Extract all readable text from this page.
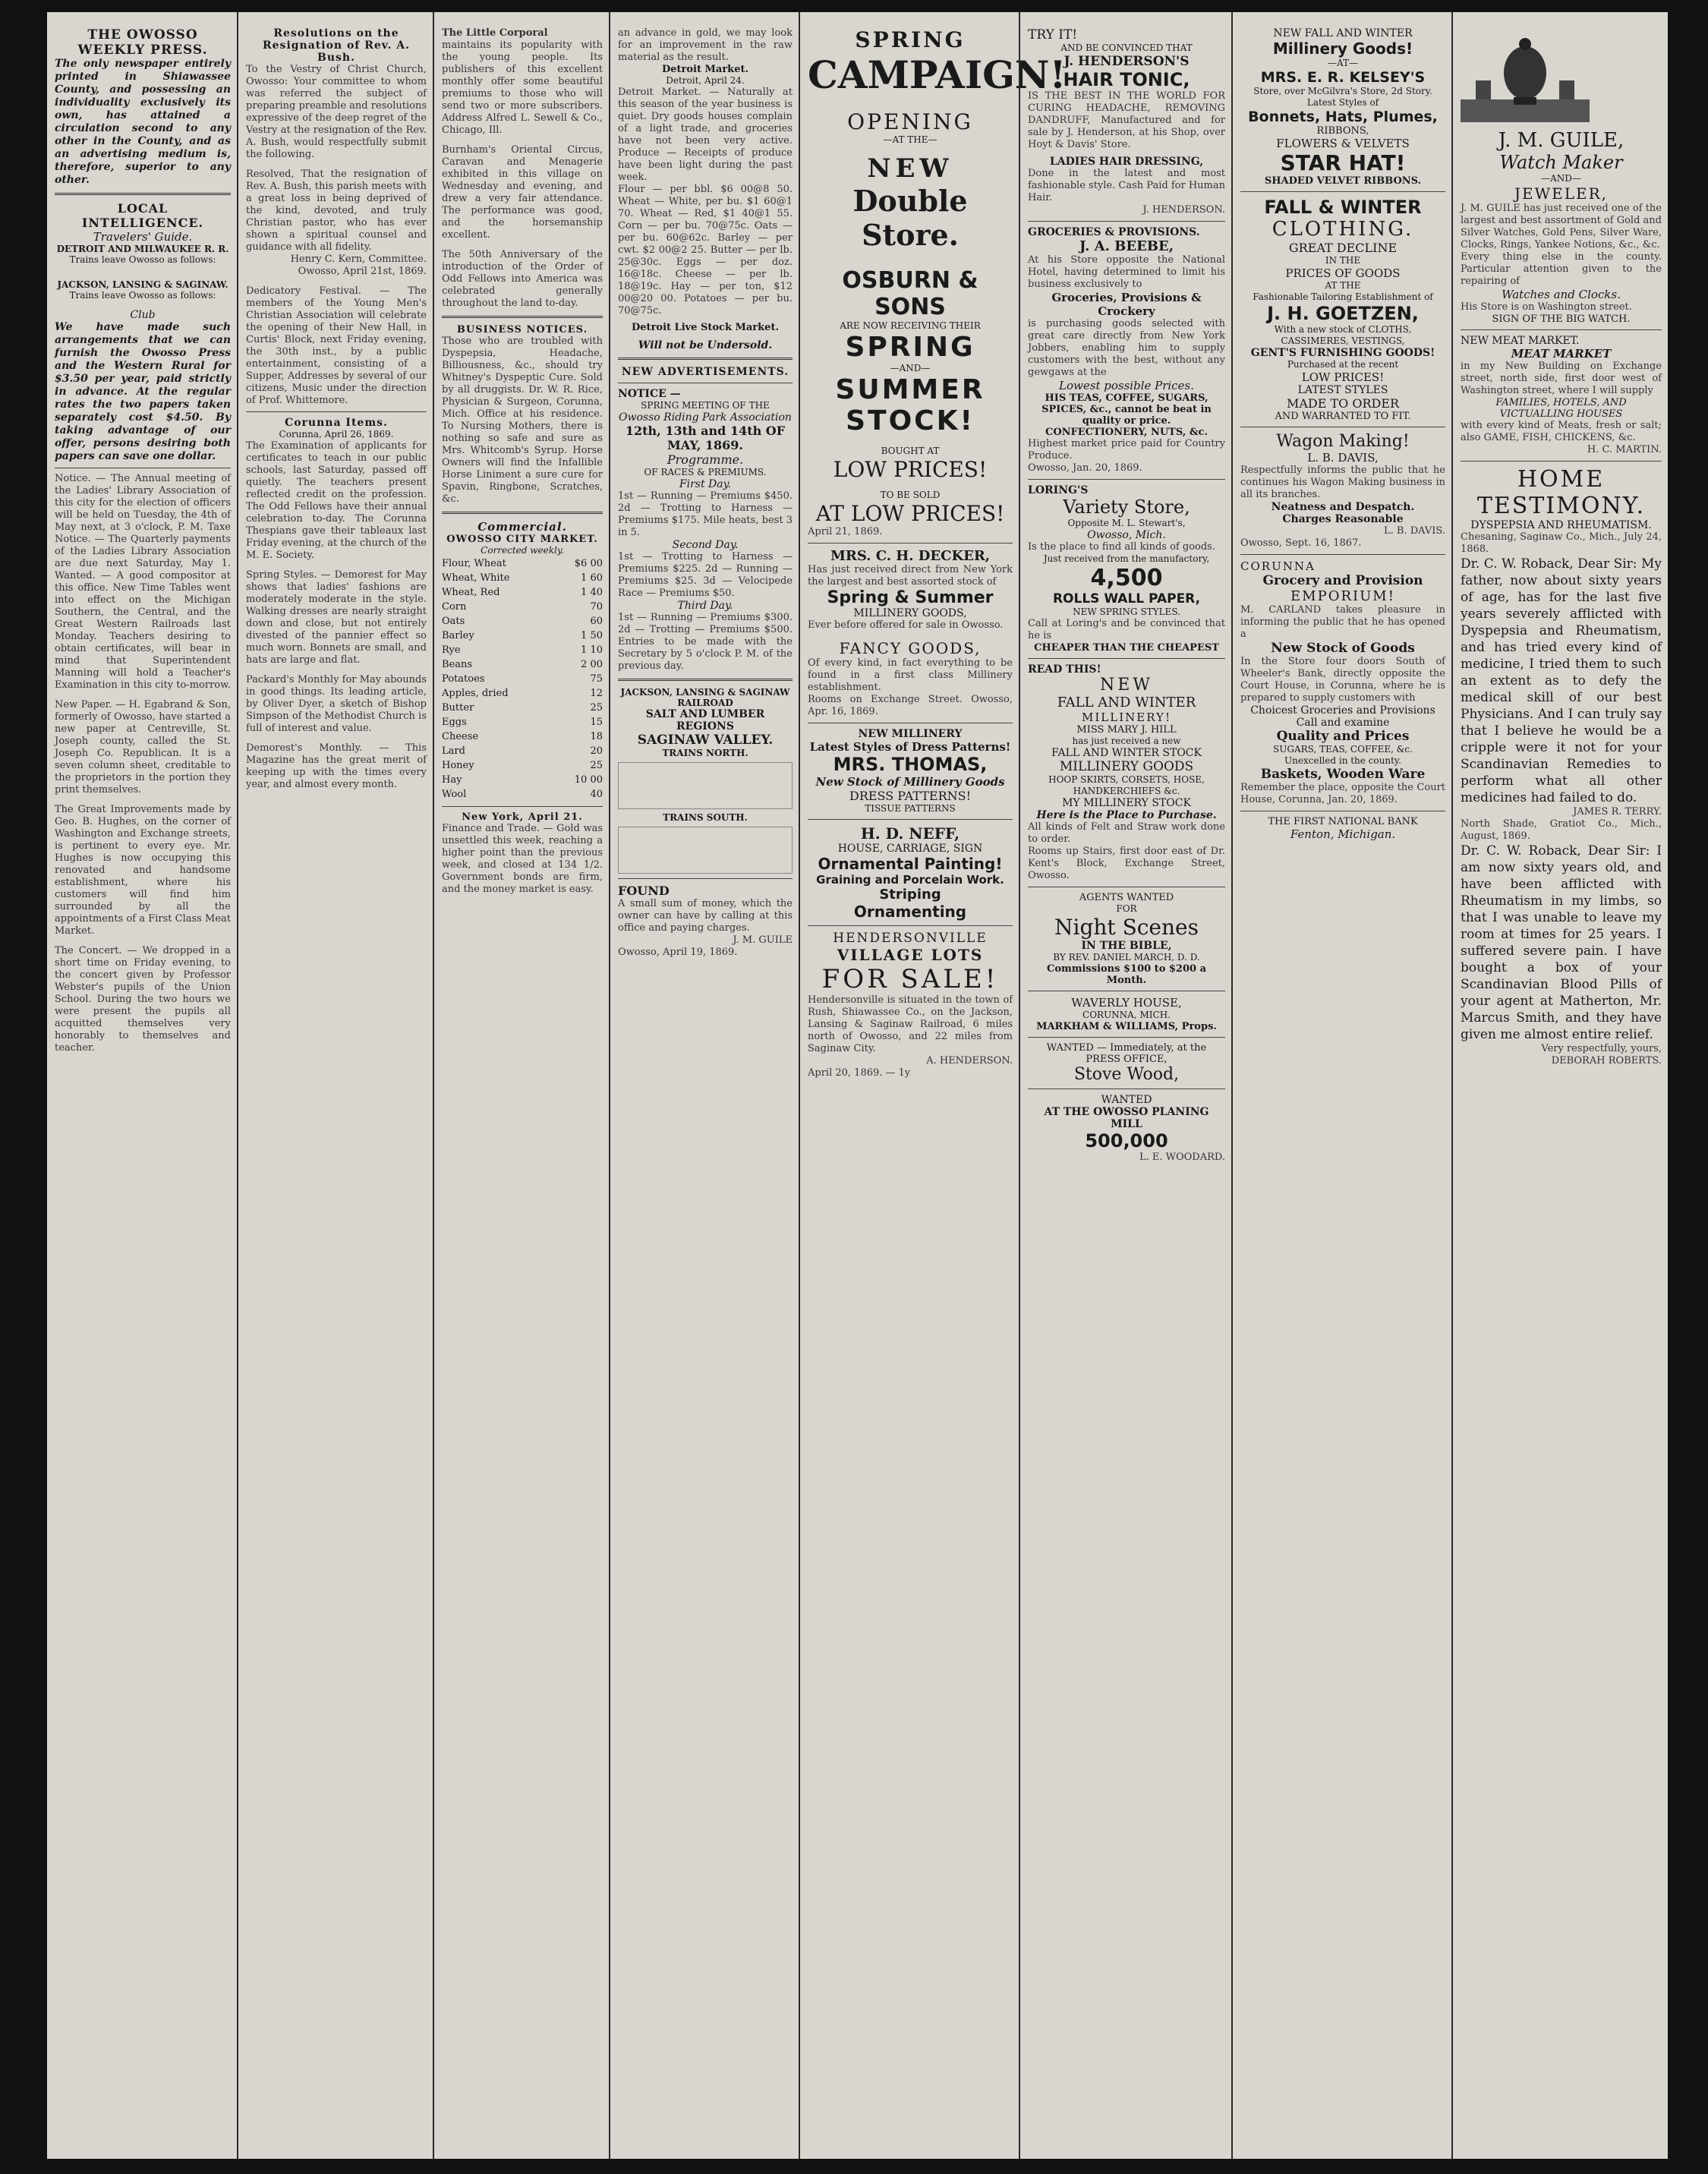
THE OWOSSO WEEKLY PRESS.
The only newspaper entirely printed in Shiawassee County, and possessing an individuality exclusively its own, has attained a circulation second to any other in the County, and as an advertising medium is, therefore, superior to any other.
LOCAL INTELLIGENCE.
Travelers' Guide.
DETROIT AND MILWAUKEE R. R.
Trains leave Owosso as follows:
JACKSON, LANSING & SAGINAW.
Trains leave Owosso as follows:
Club
We have made such arrangements that we can furnish the Owosso Press and the Western Rural for $3.50 per year, paid strictly in advance. At the regular rates the two papers taken separately cost $4.50. By taking advantage of our offer, persons desiring both papers can save one dollar.
Notice. — The Annual meeting of the Ladies' Library Association of this city for the election of officers will be held on Tuesday, the 4th of May next, at 3 o'clock, P. M. Taxe Notice. — The Quarterly payments of the Ladies Library Association are due next Saturday, May 1. Wanted. — A good compositor at this office. New Time Tables went into effect on the Michigan Southern, the Central, and the Great Western Railroads last Monday. Teachers desiring to obtain certificates, will bear in mind that Superintendent Manning will hold a Teacher's Examination in this city to-morrow.
New Paper. — H. Egabrand & Son, formerly of Owosso, have started a new paper at Centreville, St. Joseph county, called the St. Joseph Co. Republican. It is a seven column sheet, creditable to the proprietors in the portion they print themselves.
The Great Improvements made by Geo. B. Hughes, on the corner of Washington and Exchange streets, is pertinent to every eye. Mr. Hughes is now occupying this renovated and handsome establishment, where his customers will find him surrounded by all the appointments of a First Class Meat Market.
The Concert. — We dropped in a short time on Friday evening, to the concert given by Professor Webster's pupils of the Union School. During the two hours we were present the pupils all acquitted themselves very honorably to themselves and teacher.
Resolutions on the Resignation of Rev. A. Bush.
To the Vestry of Christ Church, Owosso: Your committee to whom was referred the subject of preparing preamble and resolutions expressive of the deep regret of the Vestry at the resignation of the Rev. A. Bush, would respectfully submit the following.
Resolved, That the resignation of Rev. A. Bush, this parish meets with a great loss in being deprived of the kind, devoted, and truly Christian pastor, who has ever shown a spiritual counsel and guidance with all fidelity.
Henry C. Kern, Committee. Owosso, April 21st, 1869.
Dedicatory Festival. — The members of the Young Men's Christian Association will celebrate the opening of their New Hall, in Curtis' Block, next Friday evening, the 30th inst., by a public entertainment, consisting of a Supper, Addresses by several of our citizens, Music under the direction of Prof. Whittemore.
Corunna Items.
Corunna, April 26, 1869.
The Examination of applicants for certificates to teach in our public schools, last Saturday, passed off quietly. The teachers present reflected credit on the profession. The Odd Fellows have their annual celebration to-day. The Corunna Thespians gave their tableaux last Friday evening, at the church of the M. E. Society.
Spring Styles. — Demorest for May shows that ladies' fashions are moderately moderate in the style. Walking dresses are nearly straight down and close, but not entirely divested of the pannier effect so much worn. Bonnets are small, and hats are large and flat.
Packard's Monthly for May abounds in good things. Its leading article, by Oliver Dyer, a sketch of Bishop Simpson of the Methodist Church is full of interest and value.
Demorest's Monthly. — This Magazine has the great merit of keeping up with the times every year, and almost every month.
The Little Corporal
maintains its popularity with the young people. Its publishers of this excellent monthly offer some beautiful premiums to those who will send two or more subscribers. Address Alfred L. Sewell & Co., Chicago, Ill.
Burnham's Oriental Circus, Caravan and Menagerie exhibited in this village on Wednesday and evening, and drew a very fair attendance. The performance was good, and the horsemanship excellent.
The 50th Anniversary of the introduction of the Order of Odd Fellows into America was celebrated generally throughout the land to-day.
BUSINESS NOTICES.
Those who are troubled with Dyspepsia, Headache, Billiousness, &c., should try Whitney's Dyspeptic Cure. Sold by all druggists. Dr. W. R. Rice, Physician & Surgeon, Corunna, Mich. Office at his residence. To Nursing Mothers, there is nothing so safe and sure as Mrs. Whitcomb's Syrup. Horse Owners will find the Infallible Horse Liniment a sure cure for Spavin, Ringbone, Scratches, &c.
Commercial.
OWOSSO CITY MARKET.
Corrected weekly.
Flour, Wheat	$6 00
Wheat, White	1 60
Wheat, Red	1 40
Corn	70
Oats	60
Barley	1 50
Rye	1 10
Beans	2 00
Potatoes	75
Apples, dried	12
Butter	25
Eggs	15
Cheese	18
Lard	20
Honey	25
Hay	10 00
Wool	40
New York, April 21.
Finance and Trade. — Gold was unsettled this week, reaching a higher point than the previous week, and closed at 134 1/2. Government bonds are firm, and the money market is easy.
an advance in gold, we may look for an improvement in the raw material as the result.
Detroit Market.
Detroit, April 24.
Detroit Market. — Naturally at this season of the year business is quiet. Dry goods houses complain of a light trade, and groceries have not been very active. Produce — Receipts of produce have been light during the past week.
Flour — per bbl. $6 00@8 50. Wheat — White, per bu. $1 60@1 70. Wheat — Red, $1 40@1 55. Corn — per bu. 70@75c. Oats — per bu. 60@62c. Barley — per cwt. $2 00@2 25. Butter — per lb. 25@30c. Eggs — per doz. 16@18c. Cheese — per lb. 18@19c. Hay — per ton, $12 00@20 00. Potatoes — per bu. 70@75c.
Detroit Live Stock Market.
Will not be Undersold.
NEW ADVERTISEMENTS.
NOTICE —
SPRING MEETING OF THE
Owosso Riding Park Association
12th, 13th and 14th OF MAY, 1869.
Programme.
OF RACES & PREMIUMS.
First Day.
1st — Running — Premiums $450. 2d — Trotting to Harness — Premiums $175. Mile heats, best 3 in 5.
Second Day.
1st — Trotting to Harness — Premiums $225. 2d — Running — Premiums $25. 3d — Velocipede Race — Premiums $50.
Third Day.
1st — Running — Premiums $300. 2d — Trotting — Premiums $500. Entries to be made with the Secretary by 5 o'clock P. M. of the previous day.
JACKSON, LANSING & SAGINAW RAILROAD
SALT AND LUMBER REGIONS
SAGINAW VALLEY.
TRAINS NORTH.
TRAINS SOUTH.
FOUND
A small sum of money, which the owner can have by calling at this office and paying charges.
J. M. GUILE
Owosso, April 19, 1869.
SPRING
CAMPAIGN!
OPENING
—AT THE—
NEW
Double Store.
OSBURN & SONS
ARE NOW RECEIVING THEIR
SPRING
—AND—
SUMMER
STOCK!
BOUGHT AT
LOW PRICES!
TO BE SOLD
AT LOW PRICES!
April 21, 1869.
MRS. C. H. DECKER,
Has just received direct from New York the largest and best assorted stock of
Spring & Summer
MILLINERY GOODS,
Ever before offered for sale in Owosso.
FANCY GOODS,
Of every kind, in fact everything to be found in a first class Millinery establishment.
Rooms on Exchange Street. Owosso, Apr. 16, 1869.
NEW MILLINERY
Latest Styles of Dress Patterns!
MRS. THOMAS,
New Stock of Millinery Goods
DRESS PATTERNS!
TISSUE PATTERNS
H. D. NEFF,
HOUSE, CARRIAGE, SIGN
Ornamental Painting!
Graining and Porcelain Work.
Striping
Ornamenting
HENDERSONVILLE
VILLAGE LOTS
FOR SALE!
Hendersonville is situated in the town of Rush, Shiawassee Co., on the Jackson, Lansing & Saginaw Railroad, 6 miles north of Owosso, and 22 miles from Saginaw City.
A. HENDERSON.
April 20, 1869. — 1y
TRY IT!
AND BE CONVINCED THAT
J. HENDERSON'S
HAIR TONIC,
IS THE BEST IN THE WORLD FOR CURING HEADACHE, REMOVING DANDRUFF, Manufactured and for sale by J. Henderson, at his Shop, over Hoyt & Davis' Store.
LADIES HAIR DRESSING,
Done in the latest and most fashionable style. Cash Paid for Human Hair.
J. HENDERSON.
GROCERIES & PROVISIONS.
J. A. BEEBE,
At his Store opposite the National Hotel, having determined to limit his business exclusively to
Groceries, Provisions & Crockery
is purchasing goods selected with great care directly from New York Jobbers, enabling him to supply customers with the best, without any gewgaws at the
Lowest possible Prices.
HIS TEAS, COFFEE, SUGARS, SPICES, &c., cannot be beat in quality or price.
CONFECTIONERY, NUTS, &c.
Highest market price paid for Country Produce.
Owosso, Jan. 20, 1869.
LORING'S
Variety Store,
Opposite M. L. Stewart's,
Owosso, Mich.
Is the place to find all kinds of goods.
Just received from the manufactory,
4,500
ROLLS WALL PAPER,
NEW SPRING STYLES.
Call at Loring's and be convinced that he is
CHEAPER THAN THE CHEAPEST
READ THIS!
NEW
FALL AND WINTER
MILLINERY!
MISS MARY J. HILL
has just received a new
FALL AND WINTER STOCK
MILLINERY GOODS
HOOP SKIRTS, CORSETS, HOSE, HANDKERCHIEFS &c.
MY MILLINERY STOCK
Here is the Place to Purchase.
All kinds of Felt and Straw work done to order.
Rooms up Stairs, first door east of Dr. Kent's Block, Exchange Street, Owosso.
AGENTS WANTED
FOR
Night Scenes
IN THE BIBLE,
BY REV. DANIEL MARCH, D. D.
Commissions $100 to $200 a Month.
WAVERLY HOUSE,
CORUNNA, MICH.
MARKHAM & WILLIAMS, Props.
WANTED — Immediately, at the PRESS OFFICE,
Stove Wood,
WANTED
AT THE OWOSSO PLANING MILL
500,000
L. E. WOODARD.
NEW FALL AND WINTER
Millinery Goods!
—AT—
MRS. E. R. KELSEY'S
Store, over McGilvra's Store, 2d Story.
Latest Styles of
Bonnets, Hats, Plumes,
RIBBONS,
FLOWERS & VELVETS
STAR HAT!
SHADED VELVET RIBBONS.
FALL & WINTER
CLOTHING.
GREAT DECLINE
IN THE
PRICES OF GOODS
AT THE
Fashionable Tailoring Establishment of
J. H. GOETZEN,
With a new stock of CLOTHS, CASSIMERES, VESTINGS,
GENT'S FURNISHING GOODS!
Purchased at the recent
LOW PRICES!
LATEST STYLES
MADE TO ORDER
AND WARRANTED TO FIT.
Wagon Making!
L. B. DAVIS,
Respectfully informs the public that he continues his Wagon Making business in all its branches.
Neatness and Despatch.
Charges Reasonable
L. B. DAVIS.
Owosso, Sept. 16, 1867.
CORUNNA
Grocery and Provision
EMPORIUM!
M. CARLAND takes pleasure in informing the public that he has opened a
New Stock of Goods
In the Store four doors South of Wheeler's Bank, directly opposite the Court House, in Corunna, where he is prepared to supply customers with
Choicest Groceries and Provisions
Call and examine
Quality and Prices
SUGARS, TEAS, COFFEE, &c.
Unexcelled in the county.
Baskets, Wooden Ware
Remember the place, opposite the Court House, Corunna, Jan. 20, 1869.
THE FIRST NATIONAL BANK
Fenton, Michigan.
J. M. GUILE,
Watch Maker
—AND—
JEWELER,
J. M. GUILE has just received one of the largest and best assortment of Gold and Silver Watches, Gold Pens, Silver Ware, Clocks, Rings, Yankee Notions, &c., &c.
Every thing else in the county. Particular attention given to the repairing of
Watches and Clocks.
His Store is on Washington street.
SIGN OF THE BIG WATCH.
NEW MEAT MARKET.
MEAT MARKET
in my New Building on Exchange street, north side, first door west of Washington street, where I will supply
FAMILIES, HOTELS, AND VICTUALLING HOUSES
with every kind of Meats, fresh or salt; also GAME, FISH, CHICKENS, &c.
H. C. MARTIN.
HOME
TESTIMONY.
DYSPEPSIA AND RHEUMATISM.
Chesaning, Saginaw Co., Mich., July 24, 1868.
Dr. C. W. Roback, Dear Sir: My father, now about sixty years of age, has for the last five years severely afflicted with Dyspepsia and Rheumatism, and has tried every kind of medicine, I tried them to such an extent as to defy the medical skill of our best Physicians. And I can truly say that I believe he would be a cripple were it not for your Scandinavian Remedies to perform what all other medicines had failed to do.
JAMES R. TERRY.
North Shade, Gratiot Co., Mich., August, 1869.
Dr. C. W. Roback, Dear Sir: I am now sixty years old, and have been afflicted with Rheumatism in my limbs, so that I was unable to leave my room at times for 25 years. I suffered severe pain. I have bought a box of your Scandinavian Blood Pills of your agent at Matherton, Mr. Marcus Smith, and they have given me almost entire relief.
Very respectfully, yours,
DEBORAH ROBERTS.
